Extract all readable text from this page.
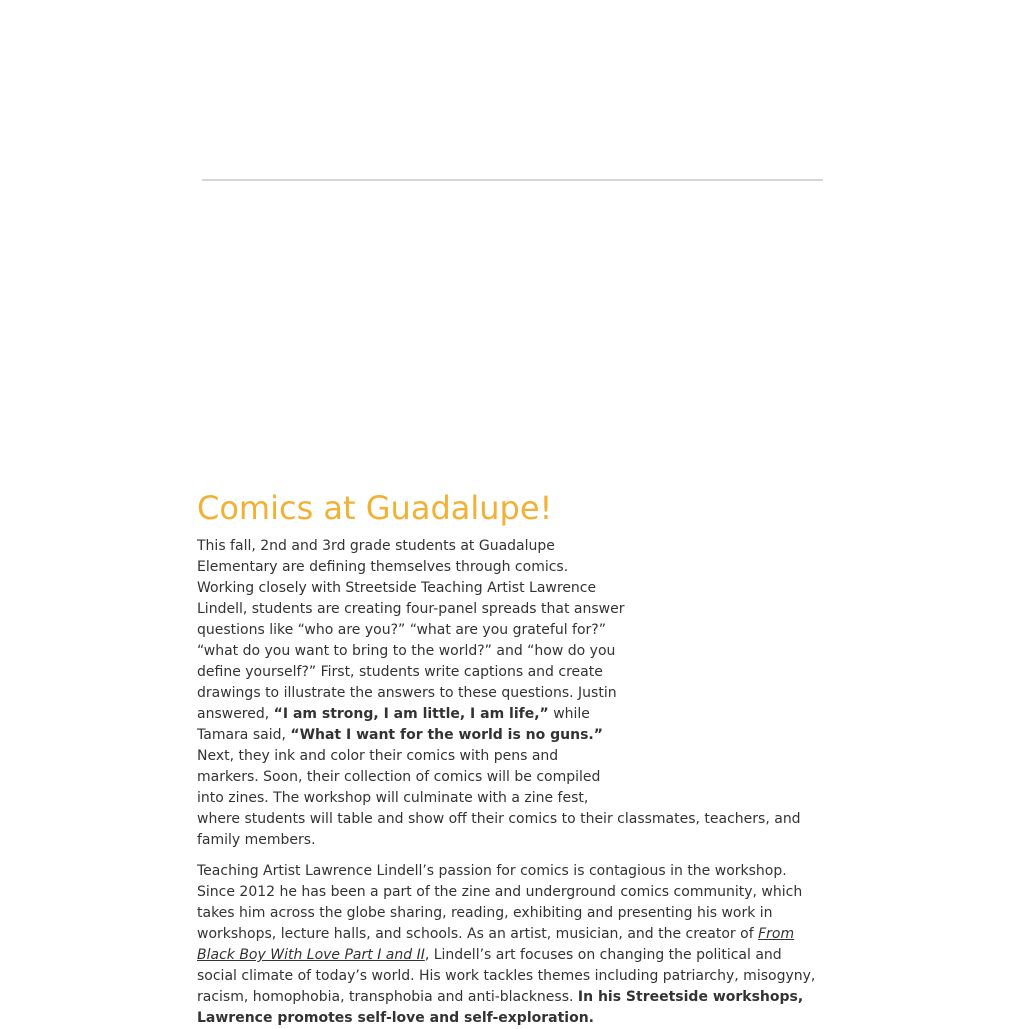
Comics at Guadalupe!

This fall, 2nd and 3rd grade students at Guadalupe
Elementary are defining themselves through comics.
Working closely with Streetside Teaching Artist Lawrence
Lindell, students are creating four-panel spreads that answer
questions like “who are you?” “what are you grateful for?”
“what do you want to bring to the world?” and “how do you
define yourself?” First, students write captions and create
drawings to illustrate the answers to these questions. Justin
answered, “I am strong, I am little, I am life,” while
Tamara said, “What I want for the world is no guns.”
Next, they ink and color their comics with pens and
markers. Soon, their collection of comics will be compiled
into zines. The workshop will culminate with a zine fest,
where students will table and show off their comics to their classmates, teachers, and
family members.

Teaching Artist Lawrence Lindell’s passion for comics is contagious in the workshop.
Since 2012 he has been a part of the zine and underground comics community, which
takes him across the globe sharing, reading, exhibiting and presenting his work in
workshops, lecture halls, and schools. As an artist, musician, and the creator of From
Black Boy With Love Part I and II, Lindell’s art focuses on changing the political and
social climate of today’s world. His work tackles themes including patriarchy, misogyny,
racism, homophobia, transphobia and anti-blackness. In his Streetside workshops,
Lawrence promotes self-love and self-exploration.
